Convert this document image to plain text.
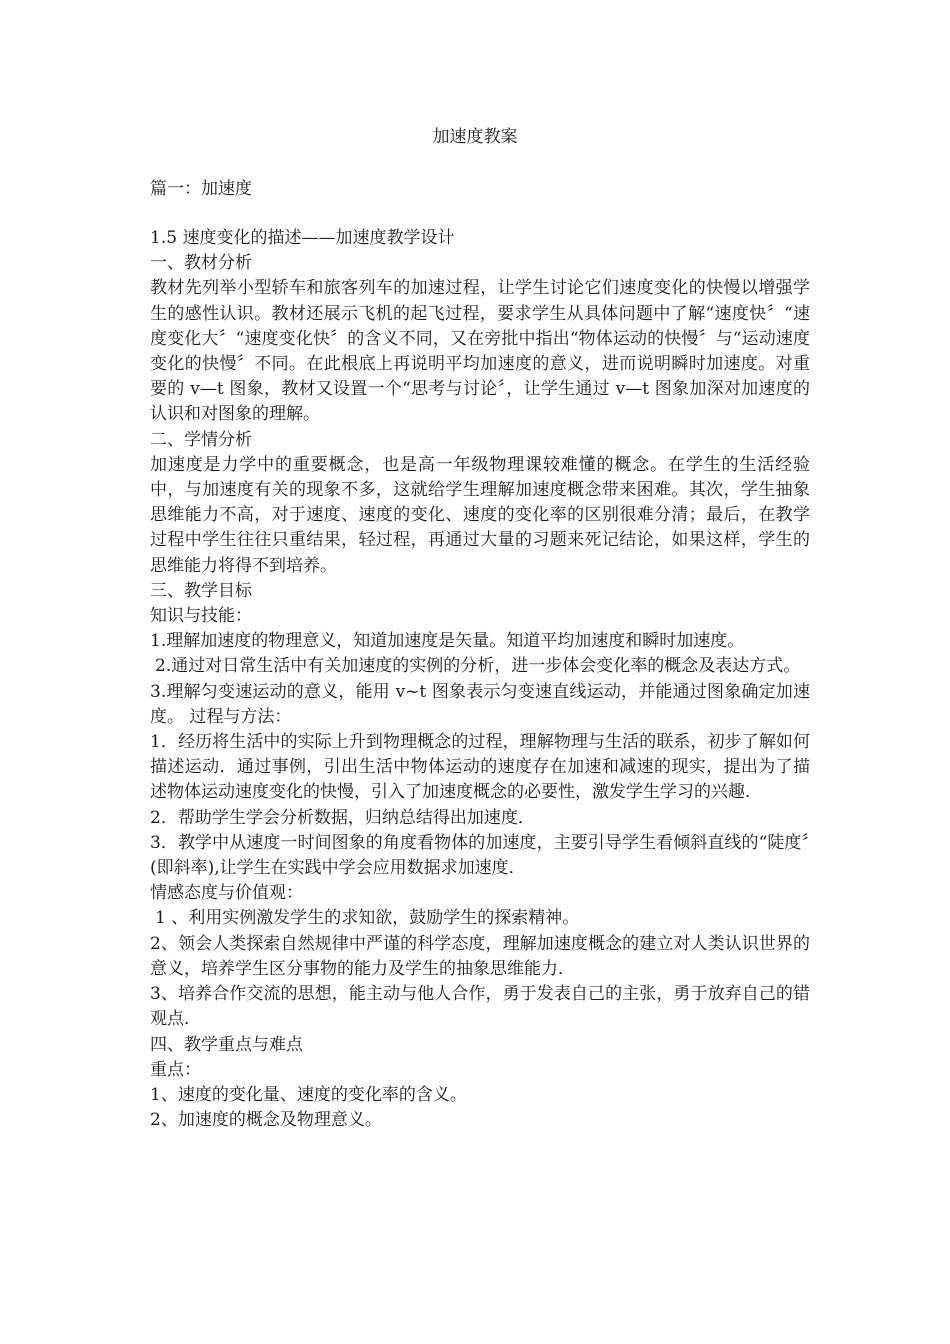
加速度教案
篇一：加速度

1.5 速度变化的描述——加速度教学设计

一、教材分析

教材先列举小型轿车和旅客列车的加速过程，让学生讨论它们速度变化的快慢以增强学生的感性认识。教材还展示飞机的起飞过程，要求学生从具体问题中了解“速度快〞“速度变化大〞“速度变化快〞的含义不同，又在旁批中指出“物体运动的快慢〞与“运动速度变化的快慢〞不同。在此根底上再说明平均加速度的意义，进而说明瞬时加速度。对重要的 v—t 图象，教材又设置一个“思考与讨论〞，让学生通过 v—t 图象加深对加速度的认识和对图象的理解。

二、学情分析

加速度是力学中的重要概念，也是高一年级物理课较难懂的概念。在学生的生活经验中，与加速度有关的现象不多，这就给学生理解加速度概念带来困难。其次，学生抽象思维能力不高，对于速度、速度的变化、速度的变化率的区别很难分清；最后，在教学过程中学生往往只重结果，轻过程，再通过大量的习题来死记结论，如果这样，学生的思维能力将得不到培养。

三、教学目标

知识与技能：

1.理解加速度的物理意义，知道加速度是矢量。知道平均加速度和瞬时加速度。

2.通过对日常生活中有关加速度的实例的分析，进一步体会变化率的概念及表达方式。

3.理解匀变速运动的意义，能用 v~t 图象表示匀变速直线运动，并能通过图象确定加速度。 过程与方法：

1．经历将生活中的实际上升到物理概念的过程，理解物理与生活的联系，初步了解如何描述运动．通过事例，引出生活中物体运动的速度存在加速和减速的现实，提出为了描述物体运动速度变化的快慢，引入了加速度概念的必要性，激发学生学习的兴趣．

2．帮助学生学会分析数据，归纳总结得出加速度．

3．教学中从速度一时间图象的角度看物体的加速度，主要引导学生看倾斜直线的“陡度〞(即斜率),让学生在实践中学会应用数据求加速度．

情感态度与价值观：

1 、利用实例激发学生的求知欲，鼓励学生的探索精神。

2、领会人类探索自然规律中严谨的科学态度，理解加速度概念的建立对人类认识世界的意义，培养学生区分事物的能力及学生的抽象思维能力．

3、培养合作交流的思想，能主动与他人合作，勇于发表自己的主张，勇于放弃自己的错观点．

四、教学重点与难点

重点：

1、速度的变化量、速度的变化率的含义。

2、加速度的概念及物理意义。
